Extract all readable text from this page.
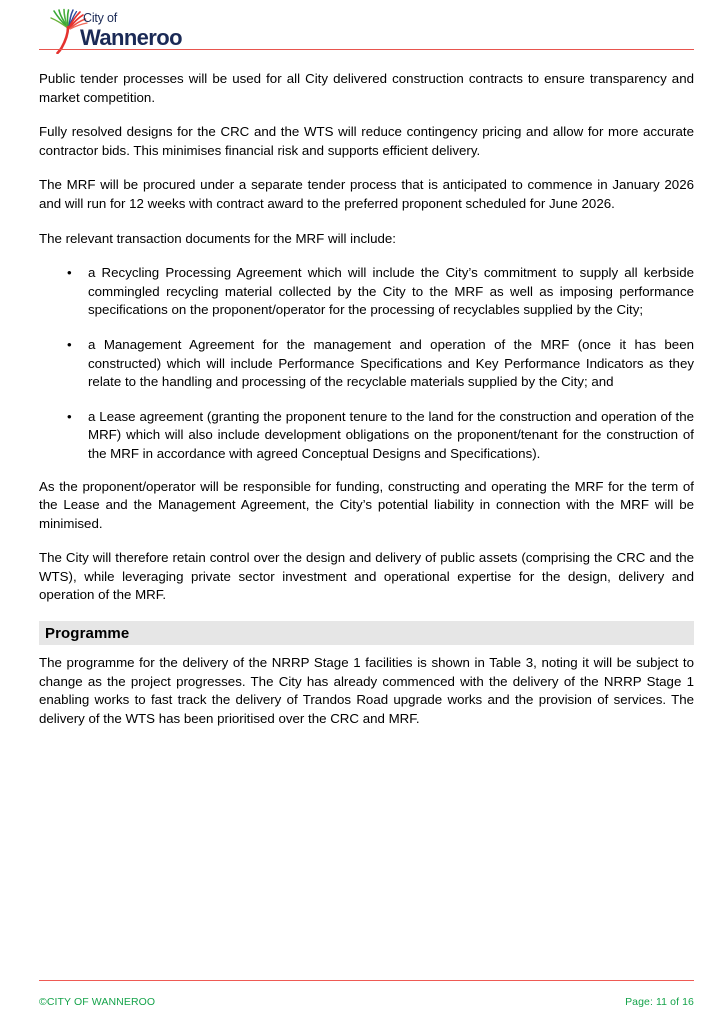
City of
Wanneroo

Public tender processes will be used for all City delivered construction contracts to ensure transparency and market competition.

Fully resolved designs for the CRC and the WTS will reduce contingency pricing and allow for more accurate contractor bids. This minimises financial risk and supports efficient delivery.

The MRF will be procured under a separate tender process that is anticipated to commence in January 2026 and will run for 12 weeks with contract award to the preferred proponent scheduled for June 2026.

The relevant transaction documents for the MRF will include:

•	a Recycling Processing Agreement which will include the City’s commitment to supply all kerbside commingled recycling material collected by the City to the MRF as well as imposing performance specifications on the proponent/operator for the processing of recyclables supplied by the City;
•	a Management Agreement for the management and operation of the MRF (once it has been constructed) which will include Performance Specifications and Key Performance Indicators as they relate to the handling and processing of the recyclable materials supplied by the City; and
•	a Lease agreement (granting the proponent tenure to the land for the construction and operation of the MRF) which will also include development obligations on the proponent/tenant for the construction of the MRF in accordance with agreed Conceptual Designs and Specifications).

As the proponent/operator will be responsible for funding, constructing and operating the MRF for the term of the Lease and the Management Agreement, the City’s potential liability in connection with the MRF will be minimised.

The City will therefore retain control over the design and delivery of public assets (comprising the CRC and the WTS), while leveraging private sector investment and operational expertise for the design, delivery and operation of the MRF.

Programme

The programme for the delivery of the NRRP Stage 1 facilities is shown in Table 3, noting it will be subject to change as the project progresses. The City has already commenced with the delivery of the NRRP Stage 1 enabling works to fast track the delivery of Trandos Road upgrade works and the provision of services. The delivery of the WTS has been prioritised over the CRC and MRF.

©CITY OF WANNEROO	Page: 11 of 16
